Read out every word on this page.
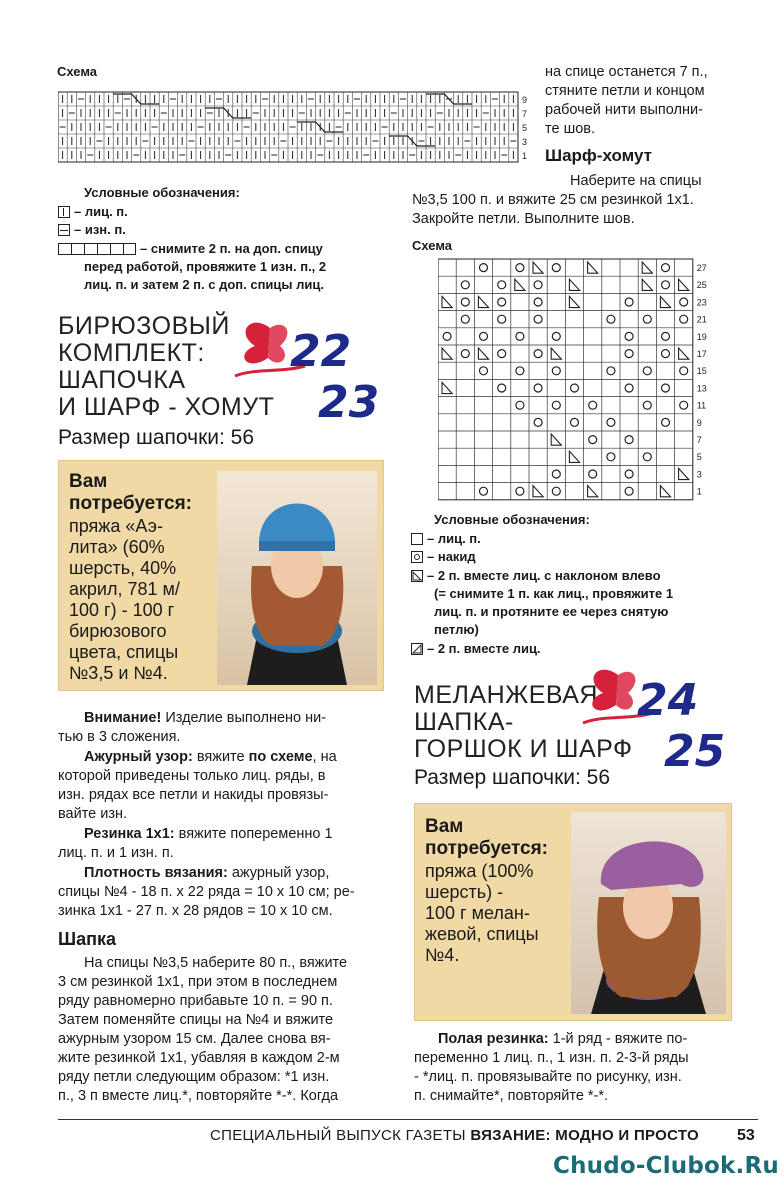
Схема
9
7
5
3
1
Условные обозначения:
– лиц. п.
– изн. п.
– снимите 2 п. на доп. спицу
перед работой, провяжите 1 изн. п., 2
лиц. п. и затем 2 п. с доп. спицы лиц.
на спице останется 7 п.,
стяните петли и концом
рабочей нити выполни-
те шов.
Шарф-хомут
Наберите на спицы
№3,5 100 п. и вяжите 25 см резинкой 1х1.
Закройте петли. Выполните шов.
Схема
27
25
23
21
19
17
15
13
11
9
7
5
3
1
Условные обозначения:
– лиц. п.
– накид
– 2 п. вместе лиц. с наклоном влево
(= снимите 1 п. как лиц., провяжите 1
лиц. п. и протяните ее через снятую
петлю)
– 2 п. вместе лиц.
БИРЮЗОВЫЙ
КОМПЛЕКТ:
ШАПОЧКА
И ШАРФ - ХОМУТ
22
23
Размер шапочки: 56
Вам
потребуется:
пряжа «Аэ-
лита» (60%
шерсть, 40%
акрил, 781 м/
100 г) - 100 г
бирюзового
цвета, спицы
№3,5 и №4.
Внимание! Изделие выполнено ни-
тью в 3 сложения.
Ажурный узор: вяжите по схеме, на
которой приведены только лиц. ряды, в
изн. рядах все петли и накиды провязы-
вайте изн.
Резинка 1х1: вяжите попеременно 1
лиц. п. и 1 изн. п.
Плотность вязания: ажурный узор,
спицы №4 - 18 п. х 22 ряда = 10 х 10 см; ре-
зинка 1х1 - 27 п. х 28 рядов = 10 х 10 см.
Шапка
На спицы №3,5 наберите 80 п., вяжите
3 см резинкой 1х1, при этом в последнем
ряду равномерно прибавьте 10 п. = 90 п.
Затем поменяйте спицы на №4 и вяжите
ажурным узором 15 см. Далее снова вя-
жите резинкой 1х1, убавляя в каждом 2-м
ряду петли следующим образом: *1 изн.
п., 3 п вместе лиц.*, повторяйте *-*. Когда
МЕЛАНЖЕВАЯ
ШАПКА-
ГОРШОК И ШАРФ
24
25
Размер шапочки: 56
Вам
потребуется:
пряжа (100%
шерсть) -
100 г мелан-
жевой, спицы
№4.
Полая резинка: 1-й ряд - вяжите по-
переменно 1 лиц. п., 1 изн. п. 2-3-й ряды
- *лиц. п. провязывайте по рисунку, изн.
п. снимайте*, повторяйте *-*.
СПЕЦИАЛЬНЫЙ ВЫПУСК ГАЗЕТЫ ВЯЗАНИЕ: МОДНО И ПРОСТО 53
Chudo-Clubok.Ru
